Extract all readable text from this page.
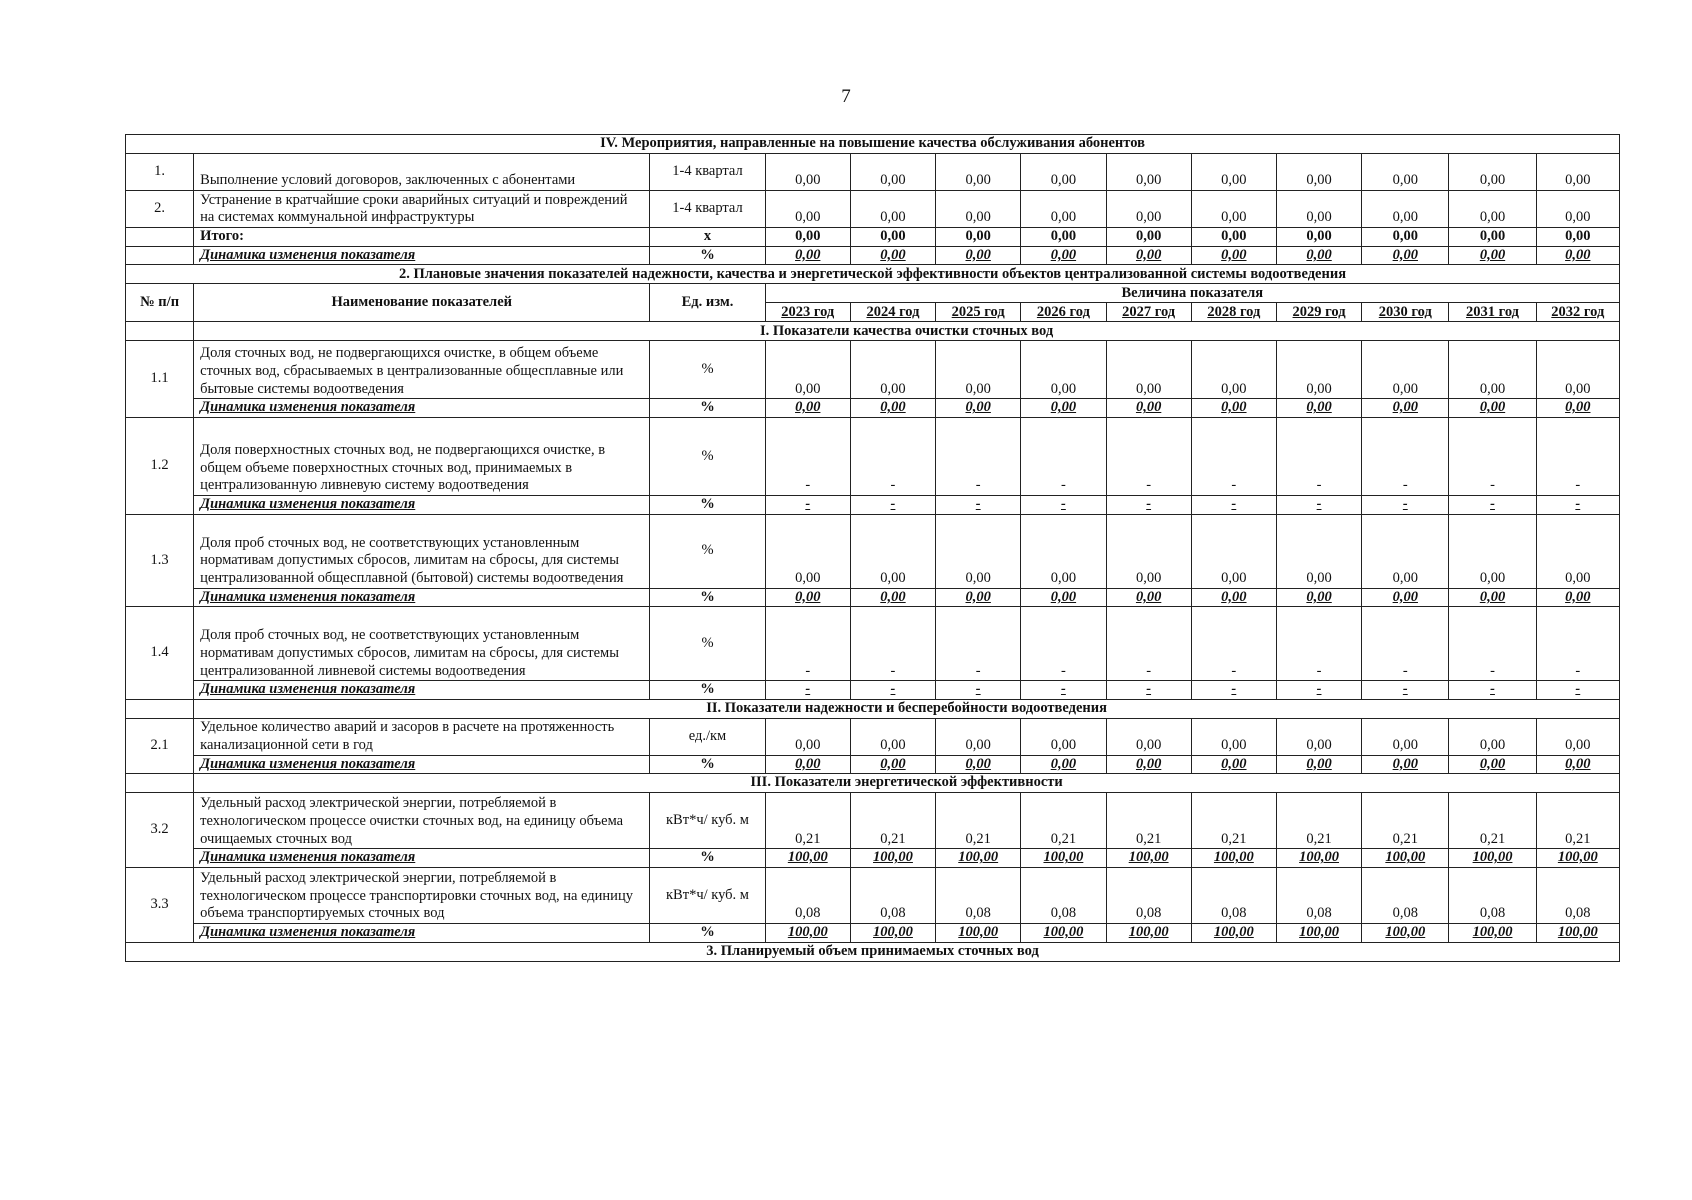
7
IV. Мероприятия, направленные на повышение качества обслуживания абонентов												
1.	Выполнение условий договоров, заключенных с абонентами	1-4 квартал	0,00	0,00	0,00	0,00	0,00	0,00	0,00	0,00	0,00	0,00
2.	Устранение в кратчайшие сроки аварийных ситуаций и повреждений на системах коммунальной инфраструктуры	1-4 квартал	0,00	0,00	0,00	0,00	0,00	0,00	0,00	0,00	0,00	0,00
	Итого:	х	0,00	0,00	0,00	0,00	0,00	0,00	0,00	0,00	0,00	0,00
	Динамика изменения показателя	%	0,00	0,00	0,00	0,00	0,00	0,00	0,00	0,00	0,00	0,00
2. Плановые значения показателей надежности, качества и энергетической эффективности объектов централизованной системы водоотведения												
№ п/п	Наименование показателей	Ед. изм.	Величина показателя									
			2023 год	2024 год	2025 год	2026 год	2027 год	2028 год	2029 год	2030 год	2031 год	2032 год
	I. Показатели качества очистки сточных вод											
1.1	Доля сточных вод, не подвергающихся очистке, в общем объеме сточных вод, сбрасываемых в централизованные общесплавные или бытовые системы водоотведения	%	0,00	0,00	0,00	0,00	0,00	0,00	0,00	0,00	0,00	0,00
	Динамика изменения показателя	%	0,00	0,00	0,00	0,00	0,00	0,00	0,00	0,00	0,00	0,00
1.2	Доля поверхностных сточных вод, не подвергающихся очистке, в общем объеме поверхностных сточных вод, принимаемых в централизованную ливневую систему водоотведения	%	-	-	-	-	-	-	-	-	-	-
	Динамика изменения показателя	%	-	-	-	-	-	-	-	-	-	-
1.3	Доля проб сточных вод, не соответствующих установленным нормативам допустимых сбросов, лимитам на сбросы, для системы централизованной общесплавной (бытовой) системы водоотведения	%	0,00	0,00	0,00	0,00	0,00	0,00	0,00	0,00	0,00	0,00
	Динамика изменения показателя	%	0,00	0,00	0,00	0,00	0,00	0,00	0,00	0,00	0,00	0,00
1.4	Доля проб сточных вод, не соответствующих установленным нормативам допустимых сбросов, лимитам на сбросы, для системы централизованной ливневой системы водоотведения	%	-	-	-	-	-	-	-	-	-	-
	Динамика изменения показателя	%	-	-	-	-	-	-	-	-	-	-
	II. Показатели надежности и бесперебойности водоотведения											
2.1	Удельное количество аварий и засоров в расчете на протяженность канализационной сети в год	ед./км	0,00	0,00	0,00	0,00	0,00	0,00	0,00	0,00	0,00	0,00
	Динамика изменения показателя	%	0,00	0,00	0,00	0,00	0,00	0,00	0,00	0,00	0,00	0,00
	III. Показатели энергетической эффективности											
3.2	Удельный расход электрической энергии, потребляемой в технологическом процессе очистки сточных вод, на единицу объема очищаемых сточных вод	кВт*ч/ куб. м	0,21	0,21	0,21	0,21	0,21	0,21	0,21	0,21	0,21	0,21
	Динамика изменения показателя	%	100,00	100,00	100,00	100,00	100,00	100,00	100,00	100,00	100,00	100,00
3.3	Удельный расход электрической энергии, потребляемой в технологическом процессе транспортировки сточных вод, на единицу объема транспортируемых сточных вод	кВт*ч/ куб. м	0,08	0,08	0,08	0,08	0,08	0,08	0,08	0,08	0,08	0,08
	Динамика изменения показателя	%	100,00	100,00	100,00	100,00	100,00	100,00	100,00	100,00	100,00	100,00
3. Планируемый объем принимаемых сточных вод												
